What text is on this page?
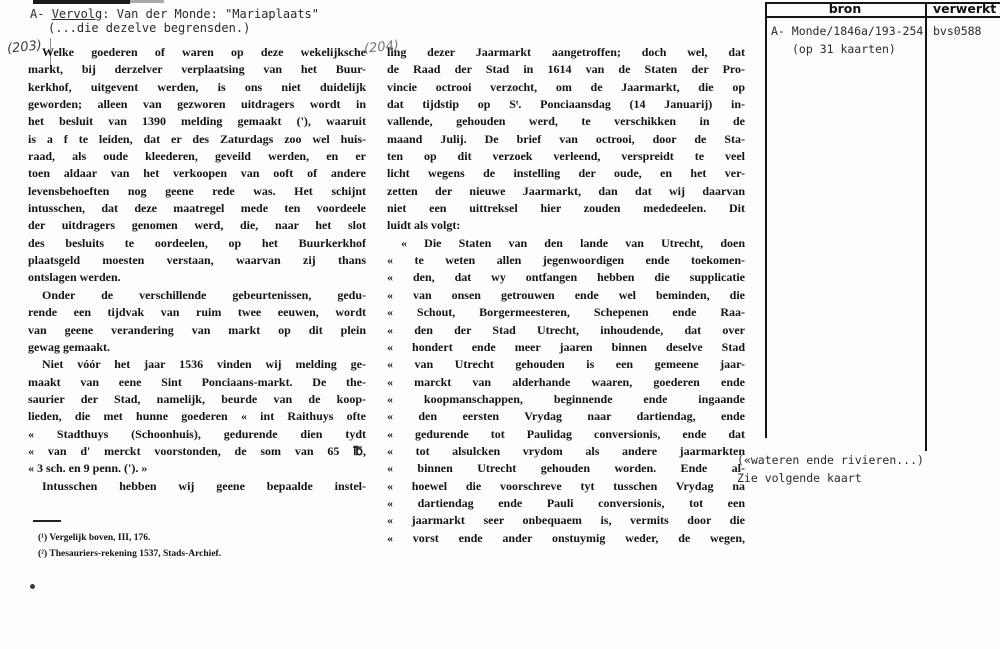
A- Vervolg: Van der Monde: "Mariaplaats"
(...die dezelve begrensden.)
(203)	(204)
Welke goederen of waren op deze wekelijksche
markt, bij derzelver verplaatsing van het Buur-
kerkhof, uitgevent werden, is ons niet duidelijk
geworden; alleen van gezworen uitdragers wordt in
het besluit van 1390 melding gemaakt ('), waaruit
is a f te leiden, dat er des Zaturdags zoo wel huis-
raad, als oude kleederen, geveild werden, en er
toen aldaar van het verkoopen van ooft of andere
levensbehoeften nog geene rede was. Het schijnt
intusschen, dat deze maatregel mede ten voordeele
der uitdragers genomen werd, die, naar het slot
des besluits te oordeelen, op het Buurkerkhof
plaatsgeld moesten verstaan, waarvan zij thans
ontslagen werden.
Onder de verschillende gebeurtenissen, gedu-
rende een tijdvak van ruim twee eeuwen, wordt
van geene verandering van markt op dit plein
gewag gemaakt.
Niet vóór het jaar 1536 vinden wij melding ge-
maakt van eene Sint Ponciaans-markt. De the-
saurier der Stad, namelijk, beurde van de koop-
lieden, die met hunne goederen « int Raithuys ofte
« Stadthuys (Schoonhuis), gedurende dien tydt
« van d' merckt voorstonden, de som van 65 ℔,
« 3 sch. en 9 penn. ('). »
Intusschen hebben wij geene bepaalde instel-
(¹) Vergelijk boven, III, 176.
(²) Thesauriers-rekening 1537, Stads-Archief.
ling dezer Jaarmarkt aangetroffen; doch wel, dat
de Raad der Stad in 1614 van de Staten der Pro-
vincie octrooi verzocht, om de Jaarmarkt, die op
dat tijdstip op Sᵗ. Ponciaansdag (14 Januarij) in-
vallende, gehouden werd, te verschikken in de
maand Julij. De brief van octrooi, door de Sta-
ten op dit verzoek verleend, verspreidt te veel
licht wegens de instelling der oude, en het ver-
zetten der nieuwe Jaarmarkt, dan dat wij daarvan
niet een uittreksel hier zouden mededeelen. Dit
luidt als volgt:
« Die Staten van den lande van Utrecht, doen
« te weten allen jegenwoordigen ende toekomen-
« den, dat wy ontfangen hebben die supplicatie
« van onsen getrouwen ende wel beminden, die
« Schout, Borgermeesteren, Schepenen ende Raa-
« den der Stad Utrecht, inhoudende, dat over
« hondert ende meer jaaren binnen deselve Stad
« van Utrecht gehouden is een gemeene jaar-
« marckt van alderhande waaren, goederen ende
« koopmanschappen, beginnende ende ingaande
« den eersten Vrydag naar dartiendag, ende
« gedurende tot Paulidag conversionis, ende dat
« tot alsulcken vrydom als andere jaarmarkten
« binnen Utrecht gehouden worden. Ende al-
« hoewel die voorschreve tyt tusschen Vrydag na
« dartiendag ende Pauli conversionis, tot een
« jaarmarkt seer onbequaem is, vermits door die
« vorst ende ander onstuymig weder, de wegen,
bron	verwerkt
A- Monde/1846a/193-254
(op 31 kaarten)
bvs0588
(«wateren ende rivieren...)
Zie volgende kaart
